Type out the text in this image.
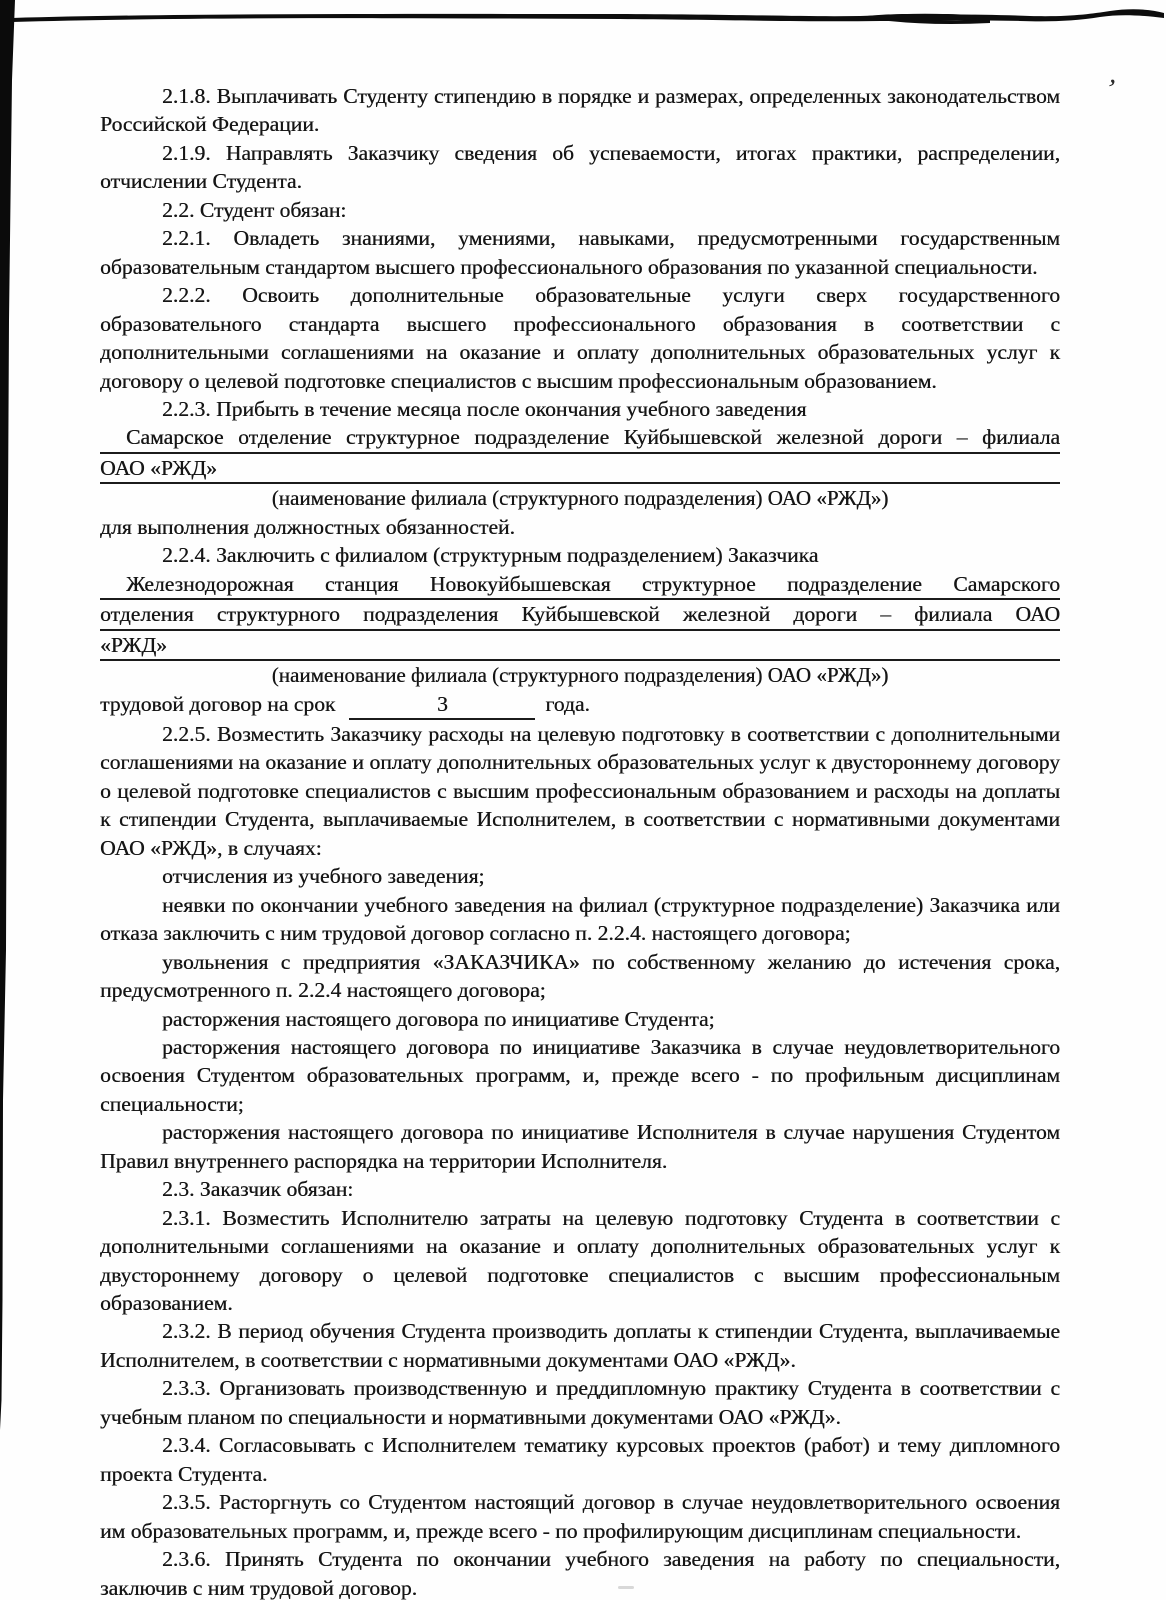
’

2.1.8. Выплачивать Студенту стипендию в порядке и размерах, определенных законодательством Российской Федерации.

2.1.9. Направлять Заказчику сведения об успеваемости, итогах практики, распределении, отчислении Студента.

2.2. Студент обязан:

2.2.1. Овладеть знаниями, умениями, навыками, предусмотренными государственным образовательным стандартом высшего профессионального образования по указанной специальности.

2.2.2. Освоить дополнительные образовательные услуги сверх государственного образовательного стандарта высшего профессионального образования в соответствии с дополнительными соглашениями на оказание и оплату дополнительных образовательных услуг к договору о целевой подготовке специалистов с высшим профессиональным образованием.

2.2.3. Прибыть в течение месяца после окончания учебного заведения

Самарское отделение структурное подразделение Куйбышевской железной дороги – филиала

ОАО «РЖД»

(наименование филиала (структурного подразделения) ОАО «РЖД»)

для выполнения должностных обязанностей.

2.2.4. Заключить с филиалом (структурным подразделением) Заказчика

Железнодорожная станция Новокуйбышевская структурное подразделение Самарского

отделения структурного подразделения Куйбышевской железной дороги – филиала ОАО

«РЖД»

(наименование филиала (структурного подразделения) ОАО «РЖД»)

трудовой договор на срок	3	года.

2.2.5. Возместить Заказчику расходы на целевую подготовку в соответствии с дополнительными соглашениями на оказание и оплату дополнительных образовательных услуг к двустороннему договору о целевой подготовке специалистов с высшим профессиональным образованием и расходы на доплаты к стипендии Студента, выплачиваемые Исполнителем, в соответствии с нормативными документами ОАО «РЖД», в случаях:

отчисления из учебного заведения;

неявки по окончании учебного заведения на филиал (структурное подразделение) Заказчика или отказа заключить с ним трудовой договор согласно п. 2.2.4. настоящего договора;

увольнения с предприятия «ЗАКАЗЧИКА» по собственному желанию до истечения срока, предусмотренного п. 2.2.4 настоящего договора;

расторжения настоящего договора по инициативе Студента;

расторжения настоящего договора по инициативе Заказчика в случае неудовлетворительного освоения Студентом образовательных программ, и, прежде всего - по профильным дисциплинам специальности;

расторжения настоящего договора по инициативе Исполнителя в случае нарушения Студентом Правил внутреннего распорядка на территории Исполнителя.

2.3. Заказчик обязан:

2.3.1. Возместить Исполнителю затраты на целевую подготовку Студента в соответствии с дополнительными соглашениями на оказание и оплату дополнительных образовательных услуг к двустороннему договору о целевой подготовке специалистов с высшим профессиональным образованием.

2.3.2. В период обучения Студента производить доплаты к стипендии Студента, выплачиваемые Исполнителем, в соответствии с нормативными документами ОАО «РЖД».

2.3.3. Организовать производственную и преддипломную практику Студента в соответствии с учебным планом по специальности и нормативными документами ОАО «РЖД».

2.3.4. Согласовывать с Исполнителем тематику курсовых проектов (работ) и тему дипломного проекта Студента.

2.3.5. Расторгнуть со Студентом настоящий договор в случае неудовлетворительного освоения им образовательных программ, и, прежде всего - по профилирующим дисциплинам специальности.

2.3.6. Принять Студента по окончании учебного заведения на работу по специальности, заключив с ним трудовой договор.
